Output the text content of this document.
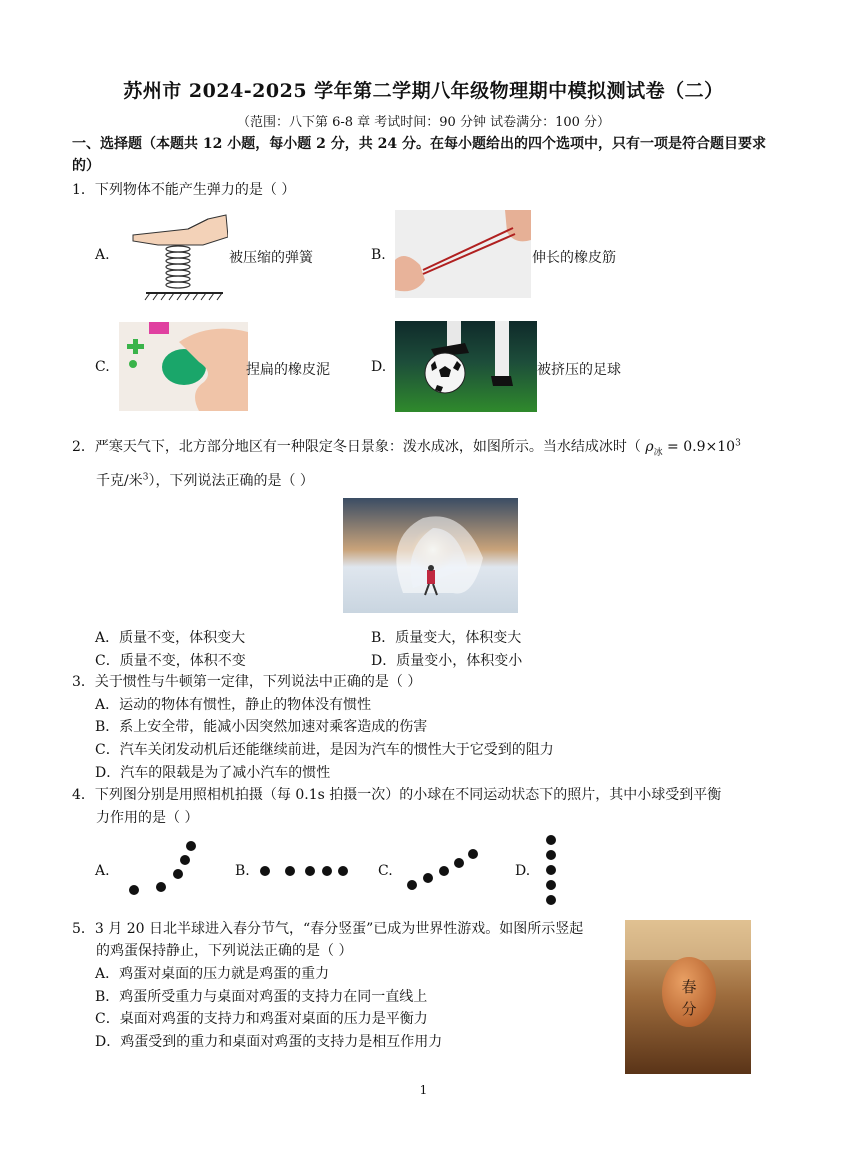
苏州市 2024-2025 学年第二学期八年级物理期中模拟测试卷（二）
（范围：八下第 6-8 章 考试时间：90 分钟 试卷满分：100 分）
一、选择题（本题共 12 小题，每小题 2 分，共 24 分。在每小题给出的四个选项中，只有一项是符合题目要求的）
1．下列物体不能产生弹力的是（ ）
A.	被压缩的弹簧	B.	伸长的橡皮筋
C.	捏扁的橡皮泥	D.	被挤压的足球
2．严寒天气下，北方部分地区有一种限定冬日景象：泼水成冰，如图所示。当水结成冰时（ $\rho_冰 = 0.9\times 10^3$
千克/米$^3$），下列说法正确的是（ ）
A．质量不变，体积变大	B．质量变大，体积变大
C．质量不变，体积不变	D．质量变小，体积变小
3．关于惯性与牛顿第一定律，下列说法中正确的是（ ）
A．运动的物体有惯性，静止的物体没有惯性
B．系上安全带，能减小因突然加速对乘客造成的伤害
C．汽车关闭发动机后还能继续前进，是因为汽车的惯性大于它受到的阻力
D．汽车的限载是为了减小汽车的惯性
4．下列图分别是用照相机拍摄（每 0.1s 拍摄一次）的小球在不同运动状态下的照片，其中小球受到平衡
力作用的是（ ）
A.	B.	C.	D.
5．3 月 20 日北半球进入春分节气，“春分竖蛋”已成为世界性游戏。如图所示竖起
的鸡蛋保持静止，下列说法正确的是（ ）
A．鸡蛋对桌面的压力就是鸡蛋的重力
B．鸡蛋所受重力与桌面对鸡蛋的支持力在同一直线上
C．桌面对鸡蛋的支持力和鸡蛋对桌面的压力是平衡力
D．鸡蛋受到的重力和桌面对鸡蛋的支持力是相互作用力
春
分
1
